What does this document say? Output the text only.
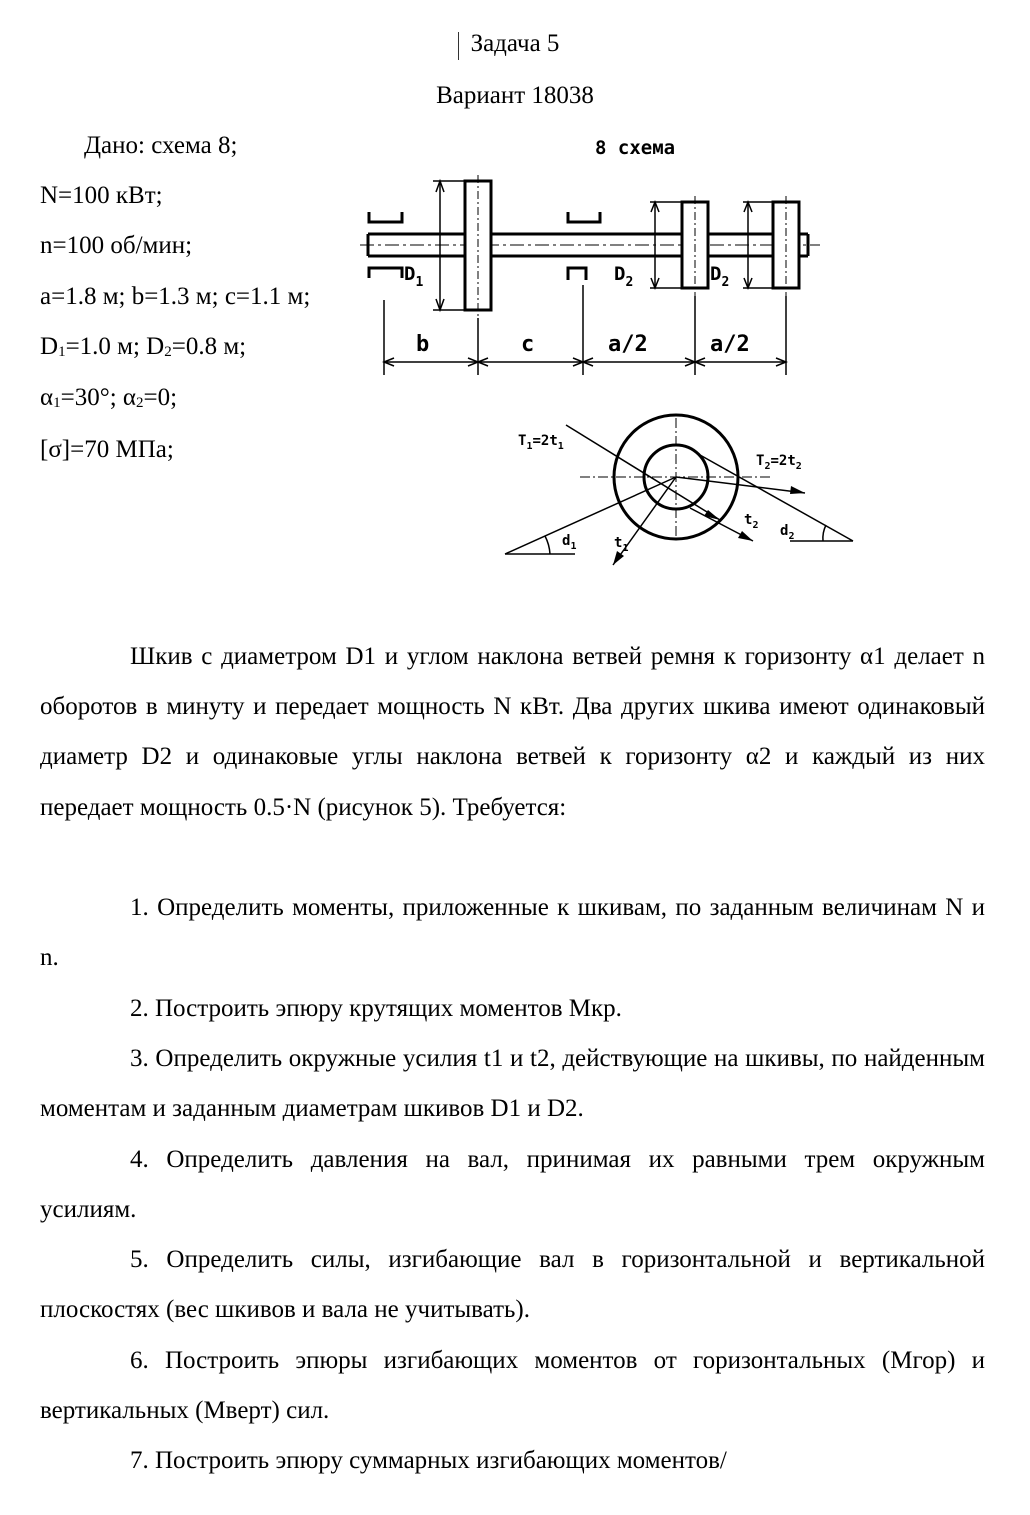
Задача 5
Вариант 18038
Дано: схема 8;
N=100 кВт;
n=100 об/мин;
a=1.8 м; b=1.3 м; c=1.1 м;
$D_1=1.0$ м; $D_2=0.8$ м;
$\alpha_1=30^\circ$; $\alpha_2=0$;
[σ]=70 МПа;
8 схема
$D_1$	$D_2$	$D_2$
b	c	a/2	a/2
$T_1=2t_1$
$T_2=2t_2$
$t_1$
$t_2$
$d_1$
$d_2$
Шкив с диаметром D1 и углом наклона ветвей ремня к горизонту α1 делает n оборотов в минуту и передает мощность N кВт. Два других шкива имеют одинаковый диаметр D2 и одинаковые углы наклона ветвей к горизонту α2 и каждый из них передает мощность 0.5·N (рисунок 5). Требуется:
1. Определить моменты, приложенные к шкивам, по заданным величинам N и n.
2. Построить эпюру крутящих моментов Mкр.
3. Определить окружные усилия t1 и t2, действующие на шкивы, по найденным моментам и заданным диаметрам шкивов D1 и D2.
4. Определить давления на вал, принимая их равными трем окружным усилиям.
5. Определить силы, изгибающие вал в горизонтальной и вертикальной плоскостях (вес шкивов и вала не учитывать).
6. Построить эпюры изгибающих моментов от горизонтальных (Mгор) и вертикальных (Mверт) сил.
7. Построить эпюру суммарных изгибающих моментов/
